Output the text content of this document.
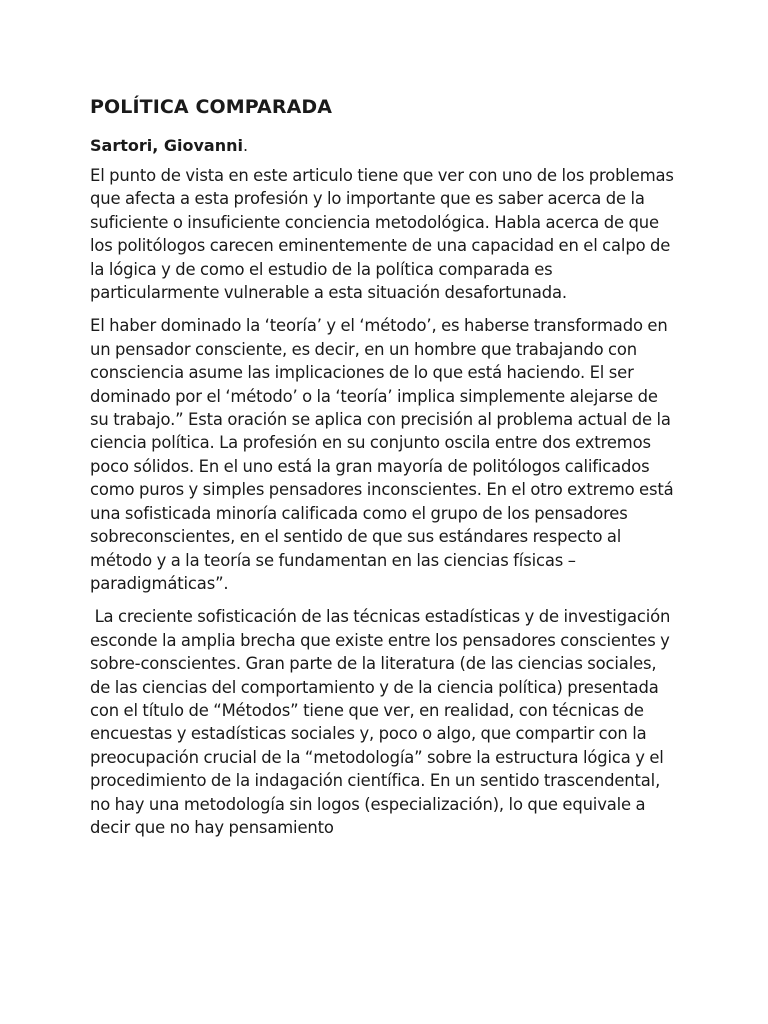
POLÍTICA COMPARADA
Sartori, Giovanni.

El punto de vista en este articulo tiene que ver con uno de los problemas que afecta a esta profesión y lo importante que es saber acerca de la suficiente o insuficiente conciencia metodológica. Habla acerca de que los politólogos carecen eminentemente de una capacidad en el calpo de la lógica y de como el estudio de la política comparada es particularmente vulnerable a esta situación desafortunada.

El haber dominado la ‘teoría’ y el ‘método’, es haberse transformado en un pensador consciente, es decir, en un hombre que trabajando con consciencia asume las implicaciones de lo que está haciendo. El ser dominado por el ‘método’ o la ‘teoría’ implica simplemente alejarse de su trabajo.” Esta oración se aplica con precisión al problema actual de la ciencia política. La profesión en su conjunto oscila entre dos extremos poco sólidos. En el uno está la gran mayoría de politólogos calificados como puros y simples pensadores inconscientes. En el otro extremo está una sofisticada minoría calificada como el grupo de los pensadores sobreconscientes, en el sentido de que sus estándares respecto al método y a la teoría se fundamentan en las ciencias físicas – paradigmáticas”.

La creciente sofisticación de las técnicas estadísticas y de investigación esconde la amplia brecha que existe entre los pensadores conscientes y sobre-conscientes. Gran parte de la literatura (de las ciencias sociales, de las ciencias del comportamiento y de la ciencia política) presentada con el título de “Métodos” tiene que ver, en realidad, con técnicas de encuestas y estadísticas sociales y, poco o algo, que compartir con la preocupación crucial de la “metodología” sobre la estructura lógica y el procedimiento de la indagación científica. En un sentido trascendental, no hay una metodología sin logos (especialización), lo que equivale a decir que no hay pensamiento
